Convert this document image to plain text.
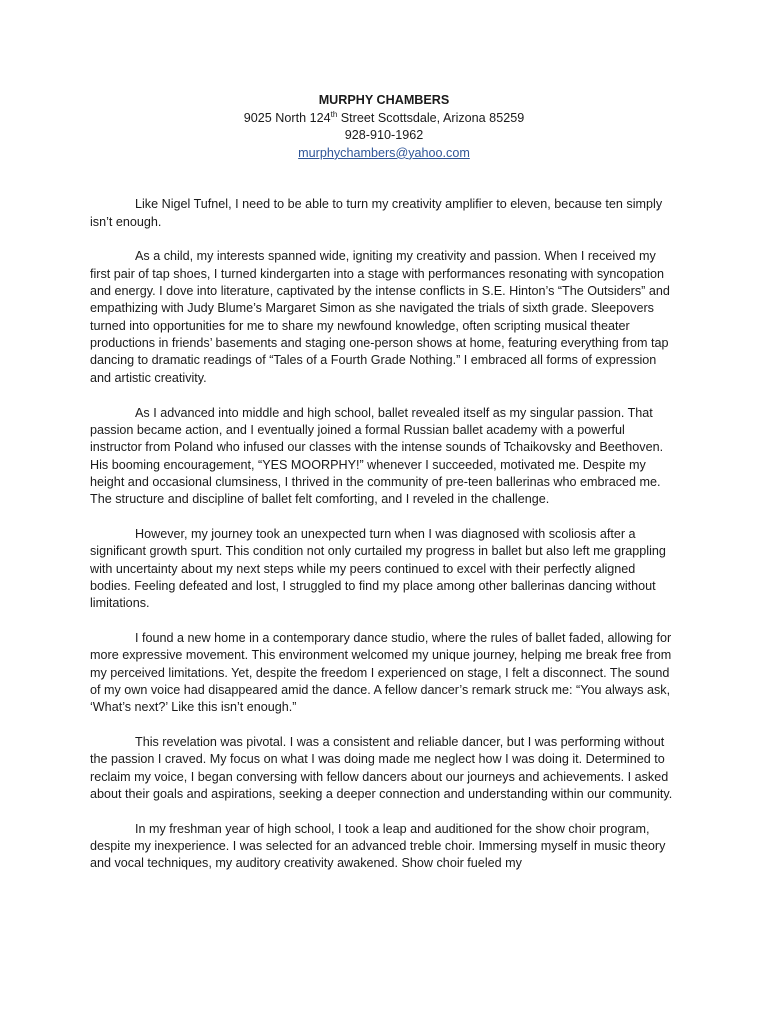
MURPHY CHAMBERS
9025 North 124th Street Scottsdale, Arizona 85259
928-910-1962
murphychambers@yahoo.com

Like Nigel Tufnel, I need to be able to turn my creativity amplifier to eleven, because ten simply isn’t enough.

As a child, my interests spanned wide, igniting my creativity and passion. When I received my first pair of tap shoes, I turned kindergarten into a stage with performances resonating with syncopation and energy. I dove into literature, captivated by the intense conflicts in S.E. Hinton’s “The Outsiders” and empathizing with Judy Blume’s Margaret Simon as she navigated the trials of sixth grade. Sleepovers turned into opportunities for me to share my newfound knowledge, often scripting musical theater productions in friends’ basements and staging one-person shows at home, featuring everything from tap dancing to dramatic readings of “Tales of a Fourth Grade Nothing.” I embraced all forms of expression and artistic creativity.

As I advanced into middle and high school, ballet revealed itself as my singular passion. That passion became action, and I eventually joined a formal Russian ballet academy with a powerful instructor from Poland who infused our classes with the intense sounds of Tchaikovsky and Beethoven. His booming encouragement, “YES MOORPHY!” whenever I succeeded, motivated me. Despite my height and occasional clumsiness, I thrived in the community of pre-teen ballerinas who embraced me. The structure and discipline of ballet felt comforting, and I reveled in the challenge.

However, my journey took an unexpected turn when I was diagnosed with scoliosis after a significant growth spurt. This condition not only curtailed my progress in ballet but also left me grappling with uncertainty about my next steps while my peers continued to excel with their perfectly aligned bodies. Feeling defeated and lost, I struggled to find my place among other ballerinas dancing without limitations.

I found a new home in a contemporary dance studio, where the rules of ballet faded, allowing for more expressive movement. This environment welcomed my unique journey, helping me break free from my perceived limitations. Yet, despite the freedom I experienced on stage, I felt a disconnect. The sound of my own voice had disappeared amid the dance. A fellow dancer’s remark struck me: “You always ask, ‘What’s next?’ Like this isn’t enough.”

This revelation was pivotal. I was a consistent and reliable dancer, but I was performing without the passion I craved. My focus on what I was doing made me neglect how I was doing it. Determined to reclaim my voice, I began conversing with fellow dancers about our journeys and achievements. I asked about their goals and aspirations, seeking a deeper connection and understanding within our community.

In my freshman year of high school, I took a leap and auditioned for the show choir program, despite my inexperience. I was selected for an advanced treble choir. Immersing myself in music theory and vocal techniques, my auditory creativity awakened. Show choir fueled my
